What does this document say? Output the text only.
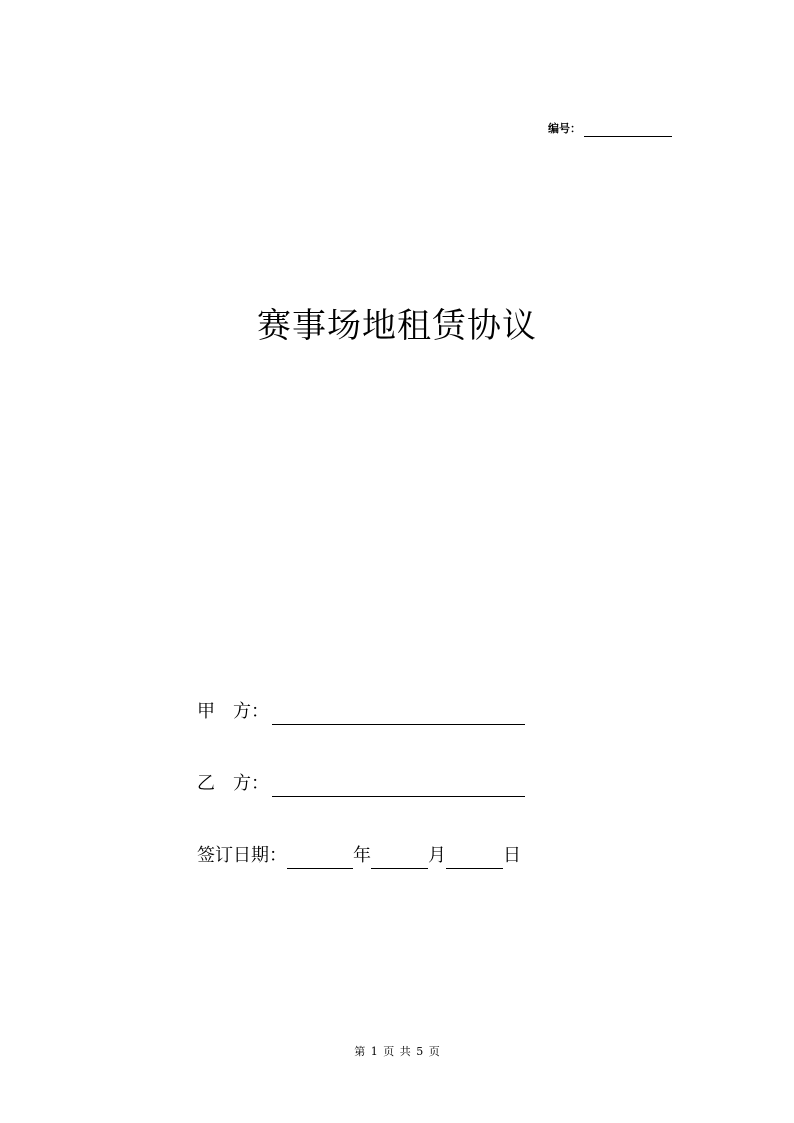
编号：
赛事场地租赁协议
甲 方：
乙 方：
签订日期：	年	月	日
第 1 页 共 5 页
